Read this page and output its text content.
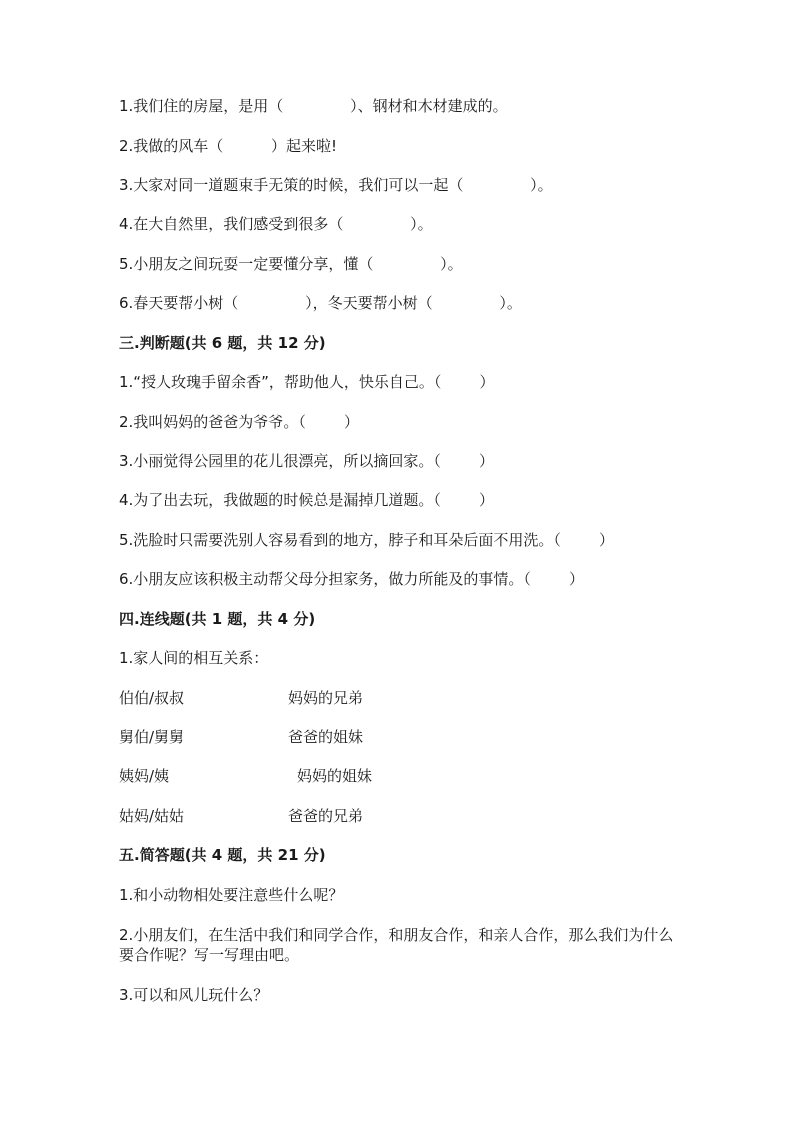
1.我们住的房屋，是用（              ）、钢材和木材建成的。
2.我做的风车（          ）起来啦!
3.大家对同一道题束手无策的时候，我们可以一起（              ）。
4.在大自然里，我们感受到很多（              ）。
5.小朋友之间玩耍一定要懂分享，懂（              ）。
6.春天要帮小树（              ），冬天要帮小树（              ）。
三.判断题(共 6 题，共 12 分)
1.“授人玫瑰手留余香”，帮助他人，快乐自己。（        ）
2.我叫妈妈的爸爸为爷爷。（        ）
3.小丽觉得公园里的花儿很漂亮，所以摘回家。（        ）
4.为了出去玩，我做题的时候总是漏掉几道题。（        ）
5.洗脸时只需要洗别人容易看到的地方，脖子和耳朵后面不用洗。（        ）
6.小朋友应该积极主动帮父母分担家务，做力所能及的事情。（        ）
四.连线题(共 1 题，共 4 分)
1.家人间的相互关系：
伯伯/叔叔	妈妈的兄弟
舅伯/舅舅	爸爸的姐妹
姨妈/姨	妈妈的姐妹
姑妈/姑姑	爸爸的兄弟
五.简答题(共 4 题，共 21 分)
1.和小动物相处要注意些什么呢？
2.小朋友们，在生活中我们和同学合作，和朋友合作，和亲人合作，那么我们为什么要合作呢？写一写理由吧。
3.可以和风儿玩什么？
